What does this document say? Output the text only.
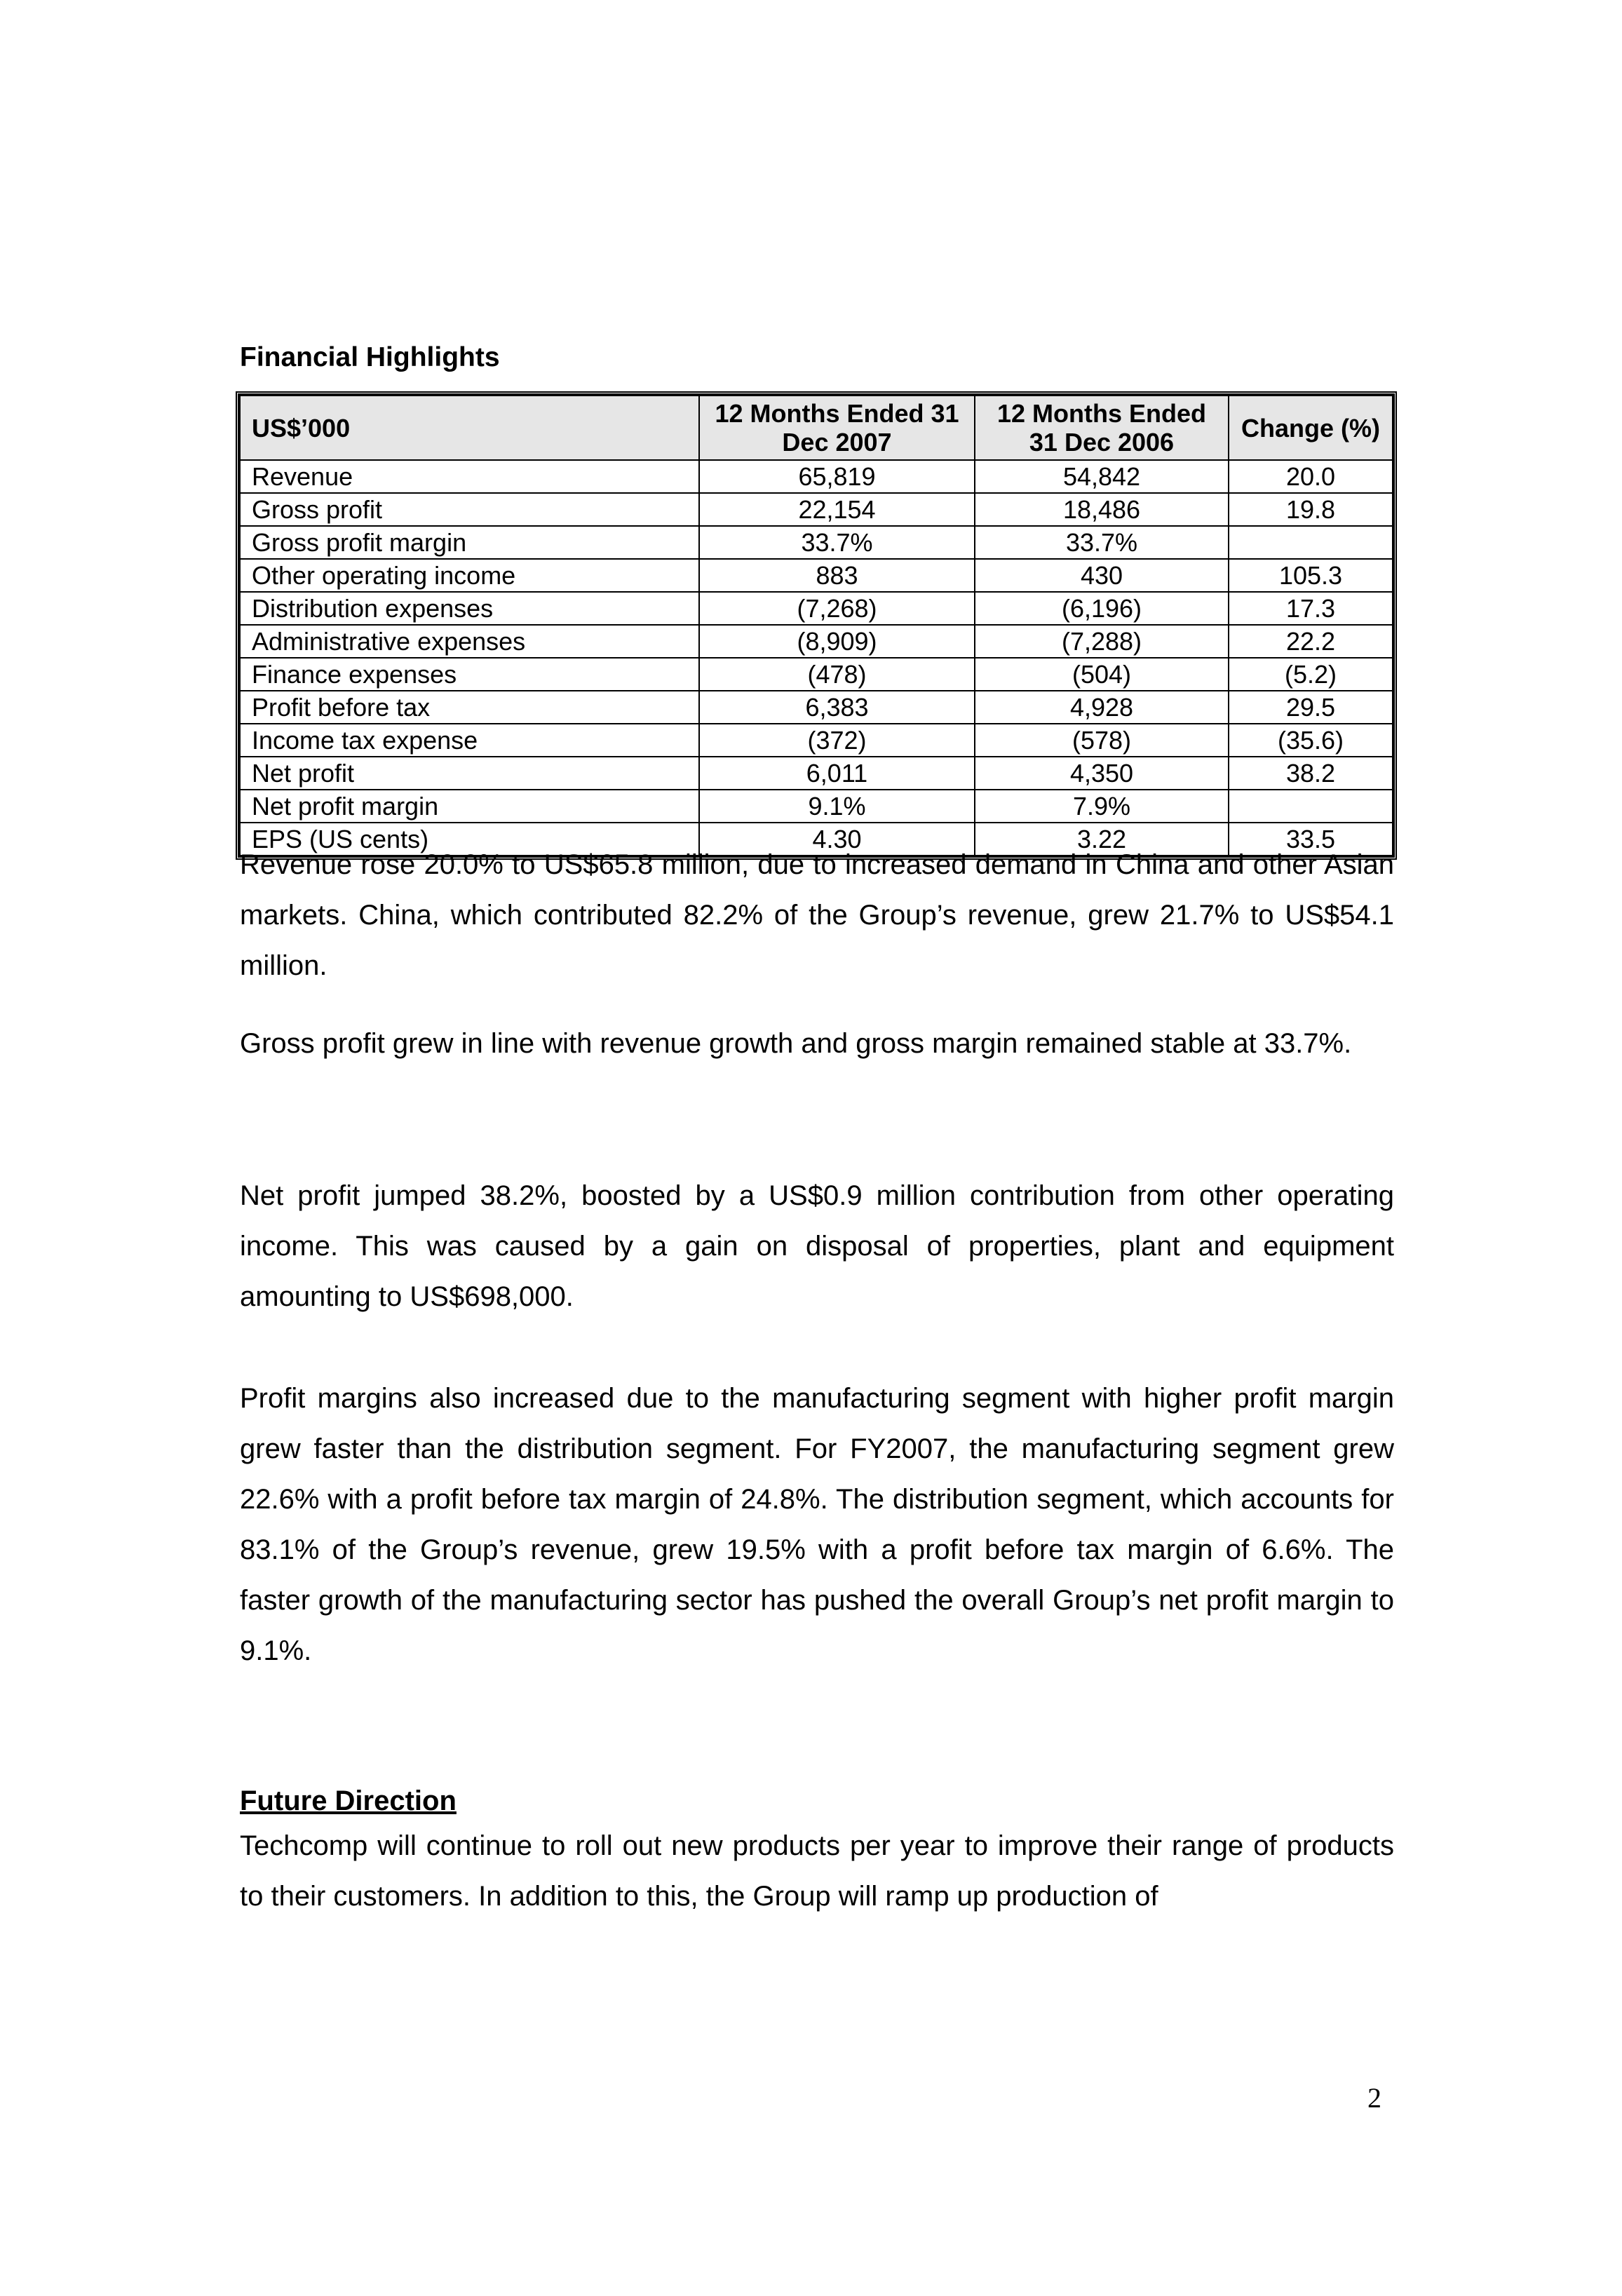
Financial Highlights
US$’000	12 Months Ended 31 Dec 2007	12 Months Ended 31 Dec 2006	Change (%)
Revenue	65,819	54,842	20.0
Gross profit	22,154	18,486	19.8
Gross profit margin	33.7%	33.7%	
Other operating income	883	430	105.3
Distribution expenses	(7,268)	(6,196)	17.3
Administrative expenses	(8,909)	(7,288)	22.2
Finance expenses	(478)	(504)	(5.2)
Profit before tax	6,383	4,928	29.5
Income tax expense	(372)	(578)	(35.6)
Net profit	6,011	4,350	38.2
Net profit margin	9.1%	7.9%	
EPS (US cents)	4.30	3.22	33.5

Revenue rose 20.0% to US$65.8 million, due to increased demand in China and other Asian markets. China, which contributed 82.2% of the Group’s revenue, grew 21.7% to US$54.1 million.

Gross profit grew in line with revenue growth and gross margin remained stable at 33.7%.

Net profit jumped 38.2%, boosted by a US$0.9 million contribution from other operating income. This was caused by a gain on disposal of properties, plant and equipment amounting to US$698,000.

Profit margins also increased due to the manufacturing segment with higher profit margin grew faster than the distribution segment. For FY2007, the manufacturing segment grew 22.6% with a profit before tax margin of 24.8%. The distribution segment, which accounts for 83.1% of the Group’s revenue, grew 19.5% with a profit before tax margin of 6.6%. The faster growth of the manufacturing sector has pushed the overall Group’s net profit margin to 9.1%.

Future Direction

Techcomp will continue to roll out new products per year to improve their range of products to their customers. In addition to this, the Group will ramp up production of

2
